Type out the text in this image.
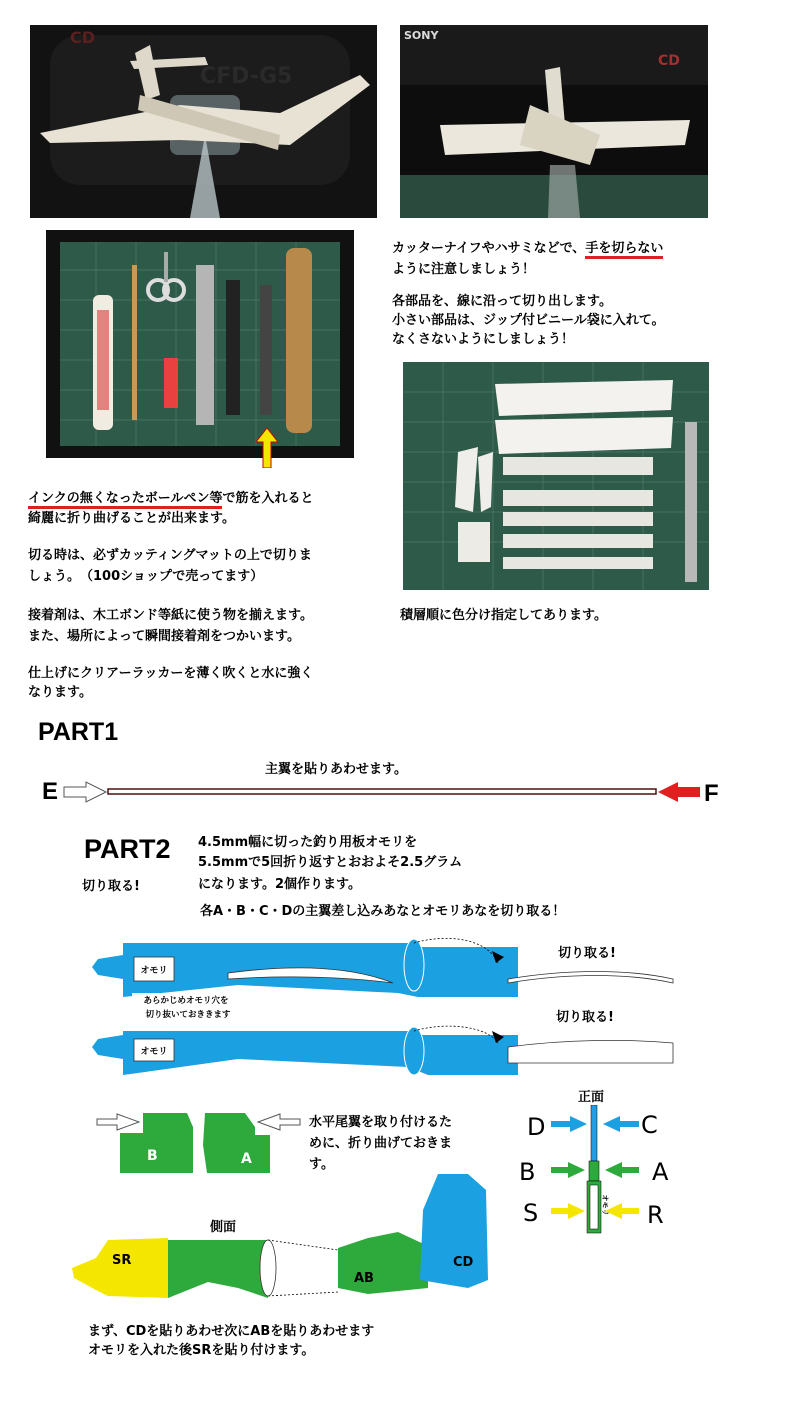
CD
CFD-G5
SONY
CD
カッターナイフやハサミなどで、手を切らない
ように注意しましょう！
各部品を、線に沿って切り出します。
小さい部品は、ジップ付ビニール袋に入れて。
なくさないようにしましょう！
積層順に色分け指定してあります。
インクの無くなったボールペン等で筋を入れると
綺麗に折り曲げることが出来ます。
切る時は、必ずカッティングマットの上で切りま
しょう。　（100ショップで売ってます）
接着剤は、木工ボンド等紙に使う物を揃えます。
また、場所によって瞬間接着剤をつかいます。
仕上げにクリアーラッカーを薄く吹くと水に強く
なります。
PART1
主翼を貼りあわせます。
E	F
PART2
切り取る!
4.5mm幅に切った釣り用板オモリを
5.5mmで5回折り返すとおおよそ2.5グラム
になります。2個作ります。
各A・B・C・Dの主翼差し込みあなとオモリあなを切り取る！
オモリ
あらかじめオモリ穴を
切り抜いておききます
オモリ
切り取る!
切り取る!
B	A
水平尾翼を取り付けるた
めに、折り曲げておきま
す。
正面
オモリ
D	C
B	A
S	R
側面
SR
AB
CD
まず、CDを貼りあわせ次にABを貼りあわせます
オモリを入れた後SRを貼り付けます。
